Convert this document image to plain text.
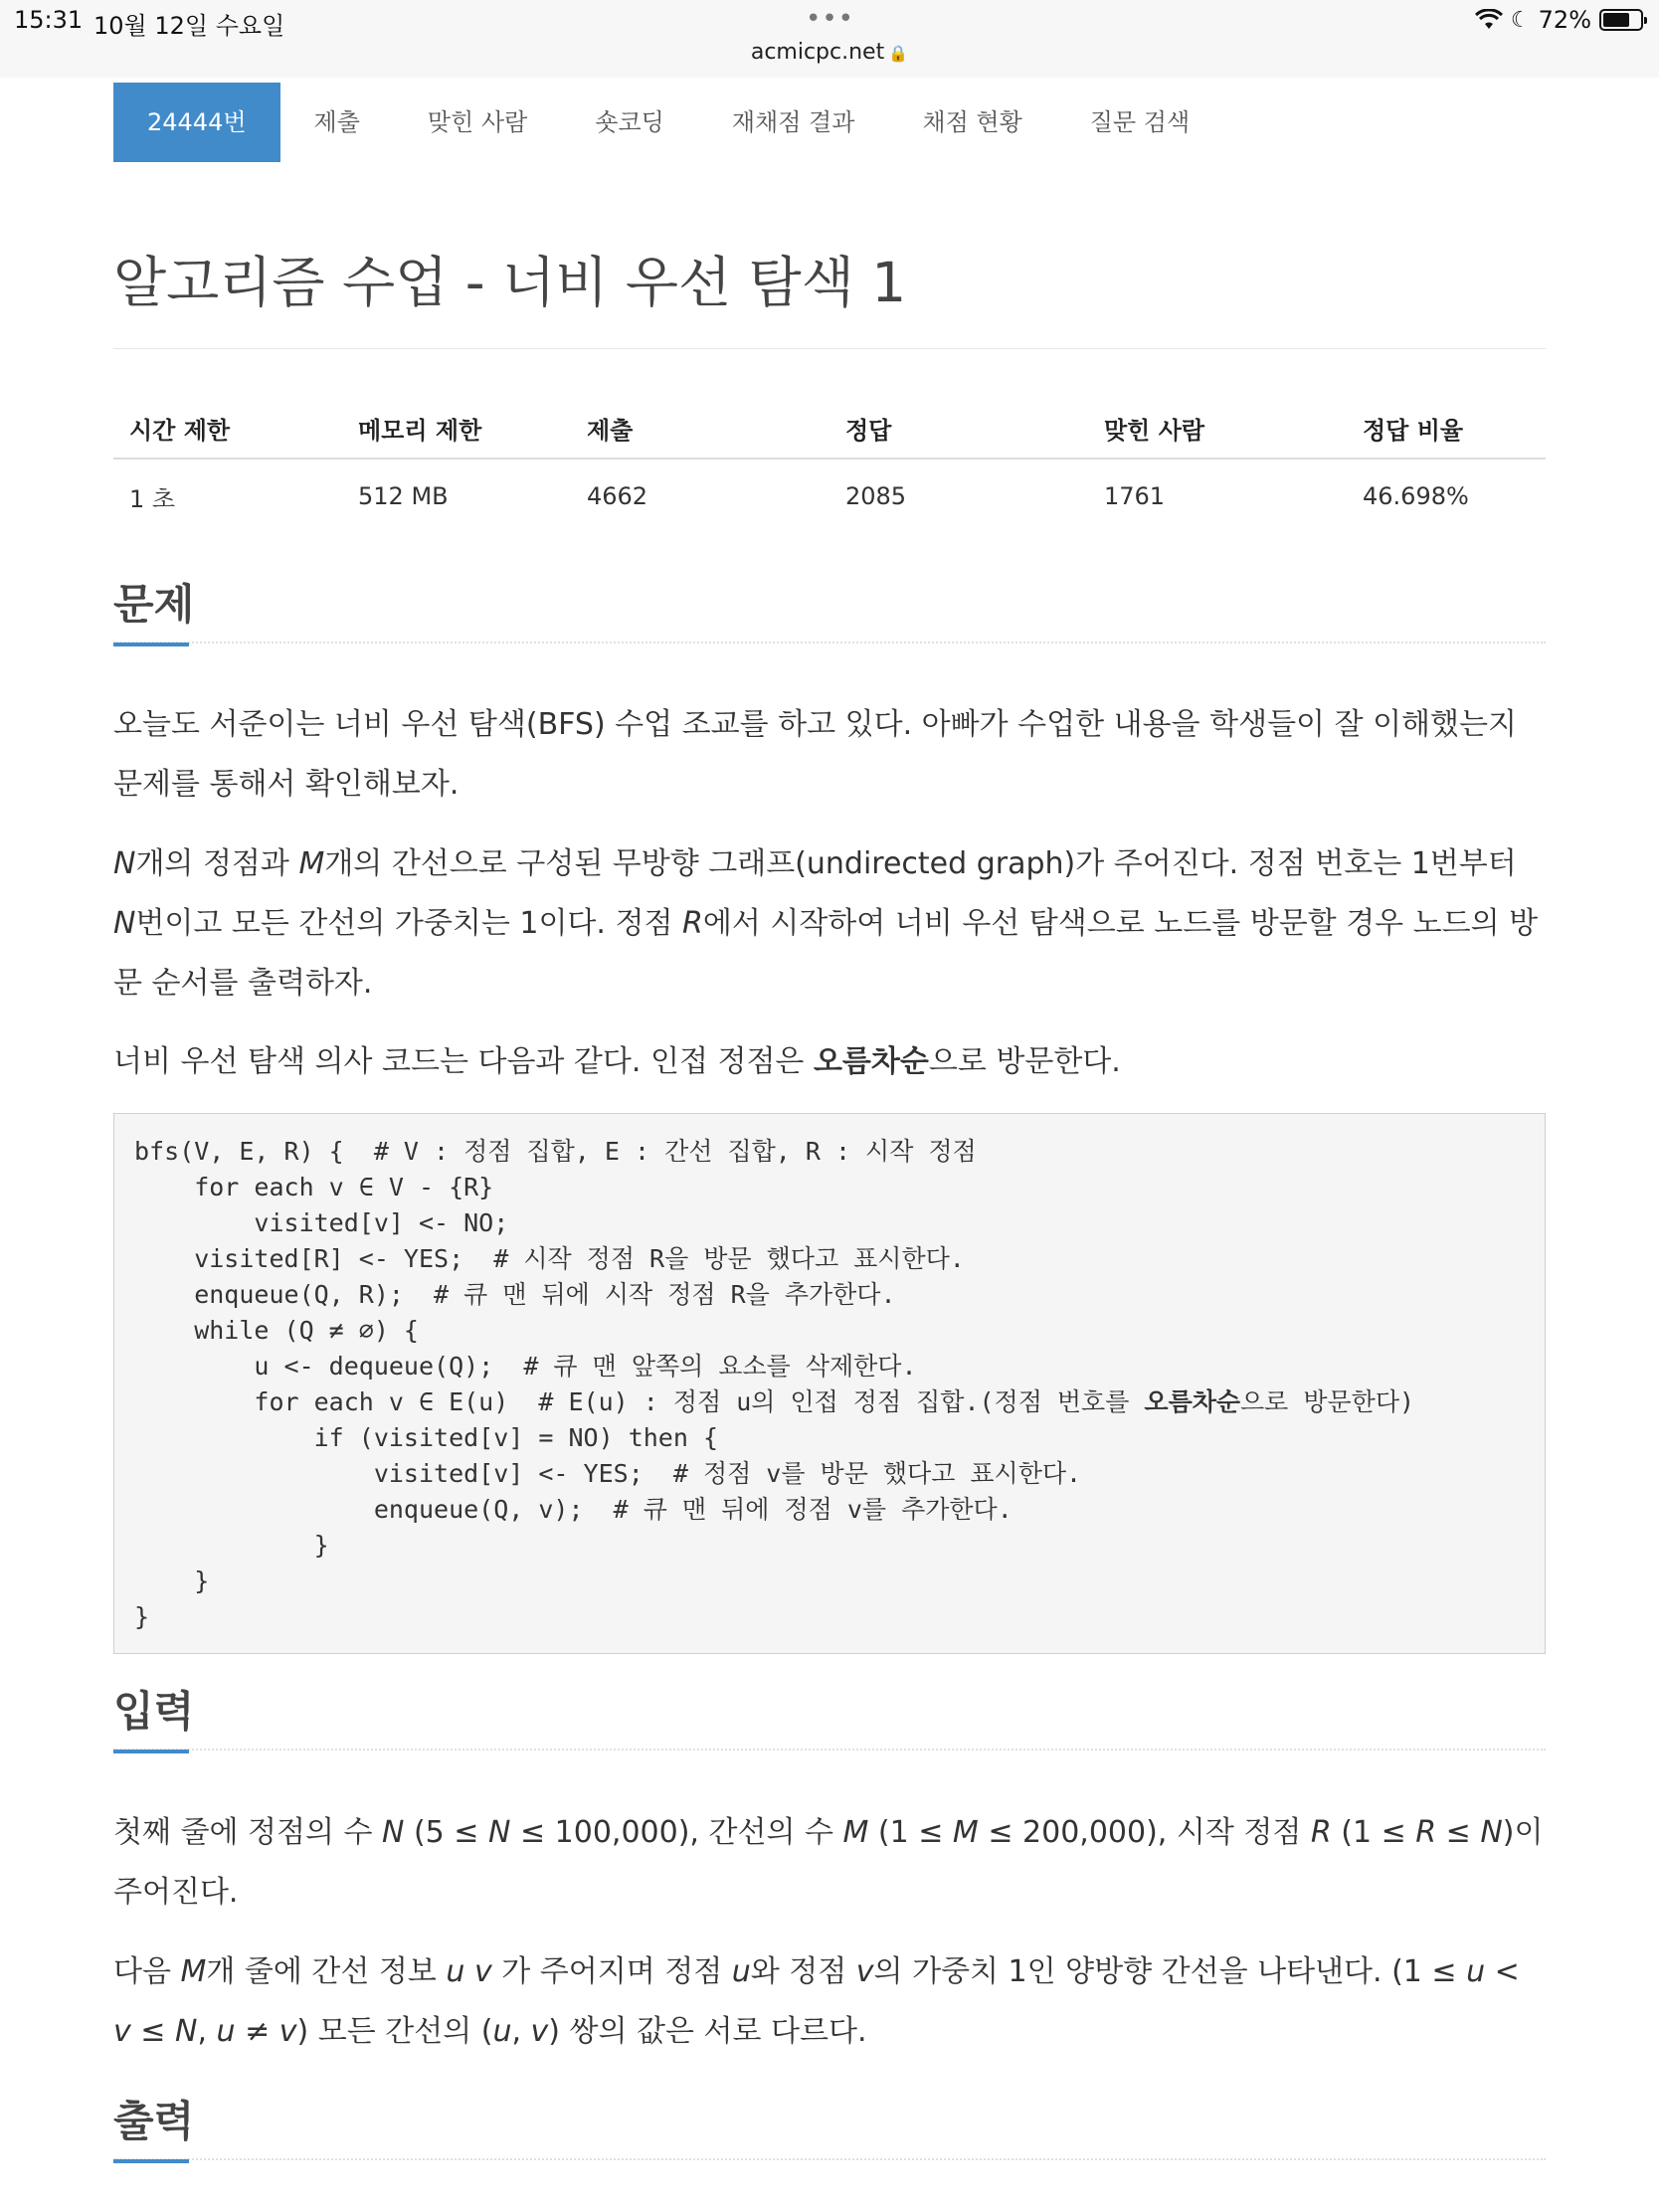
15:31 10월 12일 수요일	•••
acmicpc.net 🔒
☾ 72%
24444번	제출	맞힌 사람	숏코딩	재채점 결과	채점 현황	질문 검색
알고리즘 수업 - 너비 우선 탐색 1
시간 제한	메모리 제한	제출	정답	맞힌 사람	정답 비율
1 초	512 MB	4662	2085	1761	46.698%
문제

오늘도 서준이는 너비 우선 탐색(BFS) 수업 조교를 하고 있다. 아빠가 수업한 내용을 학생들이 잘 이해했는지 문제를 통해서 확인해보자.

N개의 정점과 M개의 간선으로 구성된 무방향 그래프(undirected graph)가 주어진다. 정점 번호는 1번부터 N번이고 모든 간선의 가중치는 1이다. 정점 R에서 시작하여 너비 우선 탐색으로 노드를 방문할 경우 노드의 방문 순서를 출력하자.

너비 우선 탐색 의사 코드는 다음과 같다. 인접 정점은 오름차순으로 방문한다.

bfs(V, E, R) {  # V : 정점 집합, E : 간선 집합, R : 시작 정점
for each v ∈ V - {R}
visited[v] <- NO;
visited[R] <- YES;  # 시작 정점 R을 방문 했다고 표시한다.
enqueue(Q, R);  # 큐 맨 뒤에 시작 정점 R을 추가한다.
while (Q ≠ ∅) {
u <- dequeue(Q);  # 큐 맨 앞쪽의 요소를 삭제한다.
for each v ∈ E(u)  # E(u) : 정점 u의 인접 정점 집합.(정점 번호를 오름차순으로 방문한다)
if (visited[v] = NO) then {
visited[v] <- YES;  # 정점 v를 방문 했다고 표시한다.
enqueue(Q, v);  # 큐 맨 뒤에 정점 v를 추가한다.
}
}
}
입력

첫째 줄에 정점의 수 N (5 ≤ N ≤ 100,000), 간선의 수 M (1 ≤ M ≤ 200,000), 시작 정점 R (1 ≤ R ≤ N)이 주어진다.

다음 M개 줄에 간선 정보 u v 가 주어지며 정점 u와 정점 v의 가중치 1인 양방향 간선을 나타낸다. (1 ≤ u < v ≤ N, u ≠ v) 모든 간선의 (u, v) 쌍의 값은 서로 다르다.

출력
